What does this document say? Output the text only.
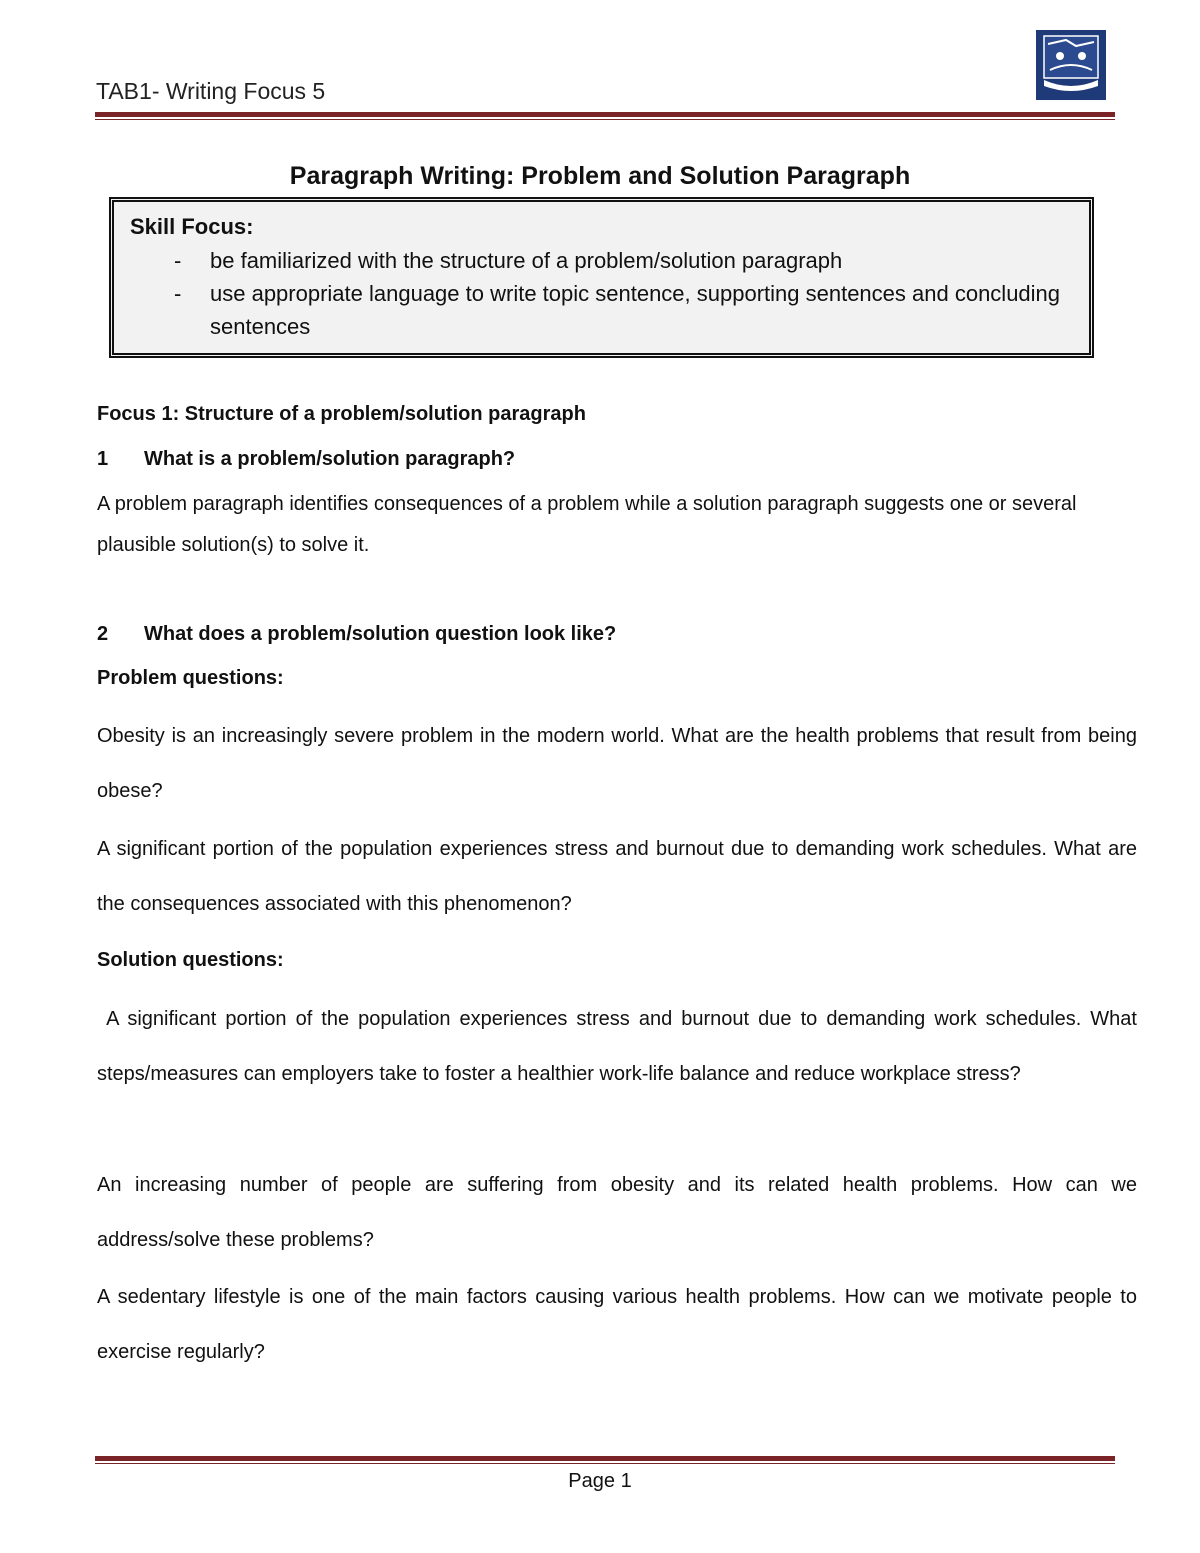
TAB1- Writing Focus 5
Paragraph Writing: Problem and Solution Paragraph
Skill Focus:
- be familiarized with the structure of a problem/solution paragraph
- use appropriate language to write topic sentence, supporting sentences and concluding sentences
Focus 1: Structure of a problem/solution paragraph
1 What is a problem/solution paragraph?
A problem paragraph identifies consequences of a problem while a solution paragraph suggests one or several plausible solution(s) to solve it.
2 What does a problem/solution question look like?
Problem questions:
Obesity is an increasingly severe problem in the modern world. What are the health problems that result from being obese?
A significant portion of the population experiences stress and burnout due to demanding work schedules. What are the consequences associated with this phenomenon?
Solution questions:
A significant portion of the population experiences stress and burnout due to demanding work schedules. What steps/measures can employers take to foster a healthier work-life balance and reduce workplace stress?
An increasing number of people are suffering from obesity and its related health problems. How can we address/solve these problems?
A sedentary lifestyle is one of the main factors causing various health problems. How can we motivate people to exercise regularly?
Page 1
